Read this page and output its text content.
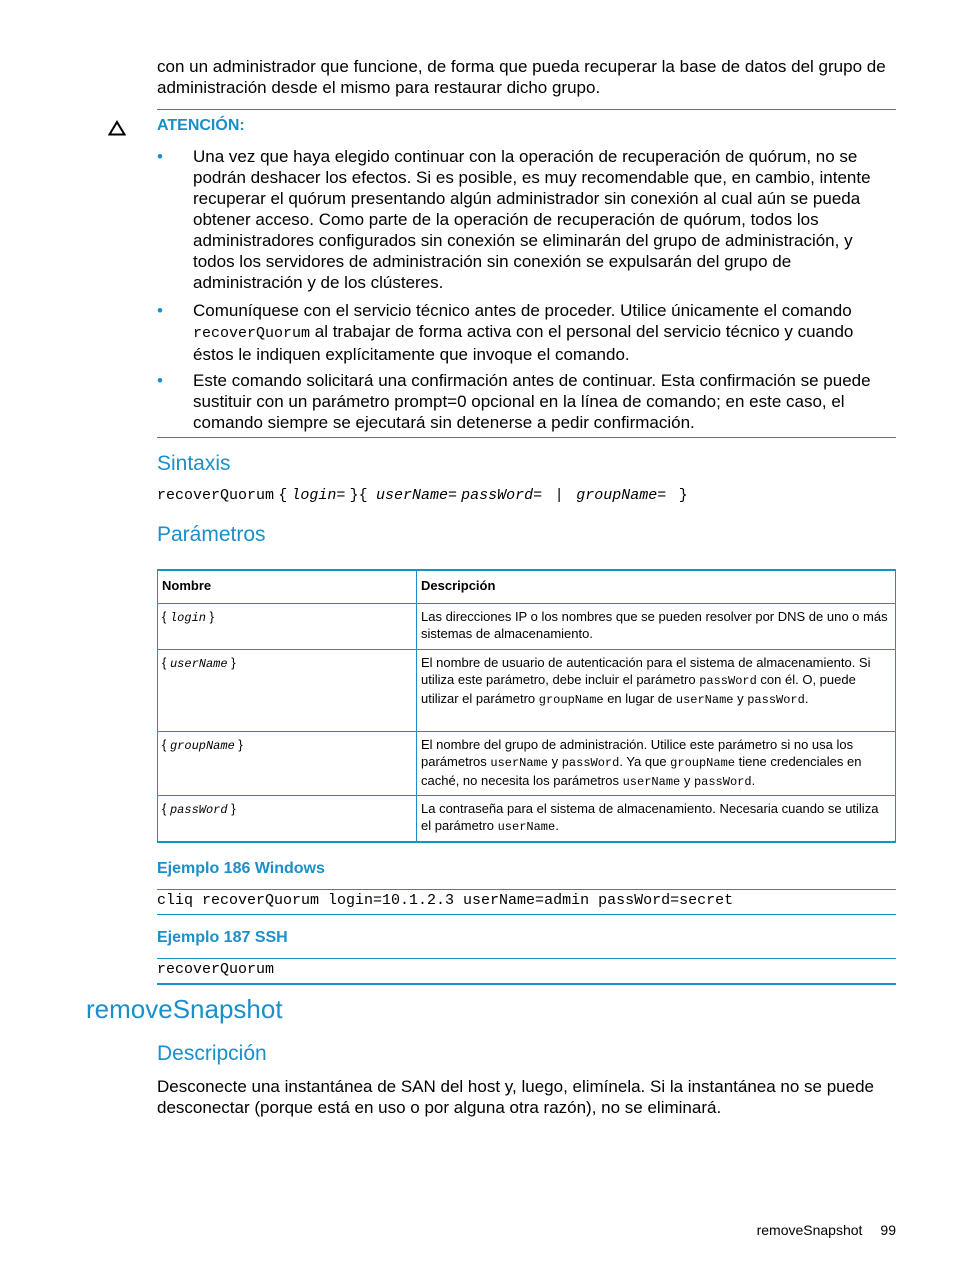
con un administrador que funcione, de forma que pueda recuperar la base de datos del grupo de administración desde el mismo para restaurar dicho grupo.
ATENCIÓN:
• Una vez que haya elegido continuar con la operación de recuperación de quórum, no se podrán deshacer los efectos. Si es posible, es muy recomendable que, en cambio, intente recuperar el quórum presentando algún administrador sin conexión al cual aún se pueda obtener acceso. Como parte de la operación de recuperación de quórum, todos los administradores configurados sin conexión se eliminarán del grupo de administración, y todos los servidores de administración sin conexión se expulsarán del grupo de administración y de los clústeres.
• Comuníquese con el servicio técnico antes de proceder. Utilice únicamente el comando recoverQuorum al trabajar de forma activa con el personal del servicio técnico y cuando éstos le indiquen explícitamente que invoque el comando.
• Este comando solicitará una confirmación antes de continuar. Esta confirmación se puede sustituir con un parámetro prompt=0 opcional en la línea de comando; en este caso, el comando siempre se ejecutará sin detenerse a pedir confirmación.
Sintaxis
recoverQuorum { login= }{ userName= passWord= | groupName= }
Parámetros
Nombre	Descripción
{ login }	Las direcciones IP o los nombres que se pueden resolver por DNS de uno o más sistemas de almacenamiento.
{ userName }	El nombre de usuario de autenticación para el sistema de almacenamiento. Si utiliza este parámetro, debe incluir el parámetro passWord con él. O, puede utilizar el parámetro groupName en lugar de userName y passWord.
{ groupName }	El nombre del grupo de administración. Utilice este parámetro si no usa los parámetros userName y passWord. Ya que groupName tiene credenciales en caché, no necesita los parámetros userName y passWord.
{ passWord }	La contraseña para el sistema de almacenamiento. Necesaria cuando se utiliza el parámetro userName.
Ejemplo 186 Windows
cliq recoverQuorum login=10.1.2.3 userName=admin passWord=secret
Ejemplo 187 SSH
recoverQuorum
removeSnapshot
Descripción
Desconecte una instantánea de SAN del host y, luego, elimínela. Si la instantánea no se puede desconectar (porque está en uso o por alguna otra razón), no se eliminará.
removeSnapshot 99
